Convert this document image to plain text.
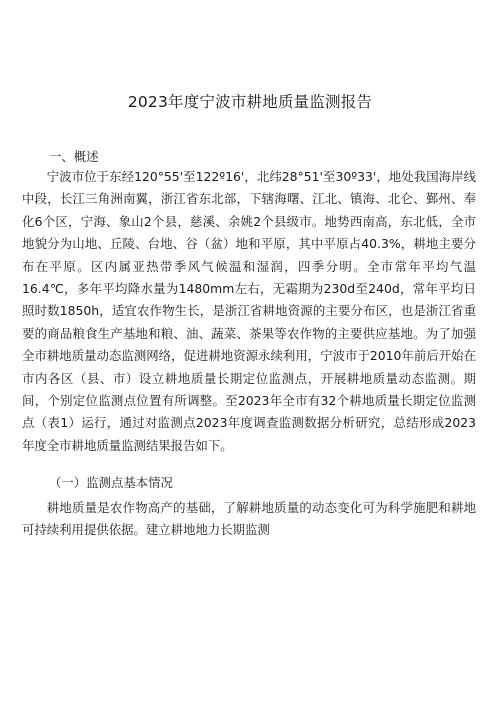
2023年度宁波市耕地质量监测报告
一、概述

宁波市位于东经120°55'至122º16'，北纬28°51'至30º33'，地处我国海岸线中段，长江三角洲南翼，浙江省东北部，下辖海曙、江北、镇海、北仑、鄞州、奉化6个区，宁海、象山2个县，慈溪、余姚2个县级市。地势西南高，东北低，全市地貌分为山地、丘陵、台地、谷（盆）地和平原，其中平原占40.3%，耕地主要分布在平原。区内属亚热带季风气候温和湿润，四季分明。全市常年平均气温16.4℃，多年平均降水量为1480mm左右，无霜期为230d至240d，常年平均日照时数1850h，适宜农作物生长，是浙江省耕地资源的主要分布区，也是浙江省重要的商品粮食生产基地和粮、油、蔬菜、茶果等农作物的主要供应基地。为了加强全市耕地质量动态监测网络，促进耕地资源永续利用，宁波市于2010年前后开始在市内各区（县、市）设立耕地质量长期定位监测点，开展耕地质量动态监测。期间，个别定位监测点位置有所调整。至2023年全市有32个耕地质量长期定位监测点（表1）运行，通过对监测点2023年度调查监测数据分析研究，总结形成2023年度全市耕地质量监测结果报告如下。

（一）监测点基本情况

耕地质量是农作物高产的基础，了解耕地质量的动态变化可为科学施肥和耕地可持续利用提供依据。建立耕地地力长期监测
